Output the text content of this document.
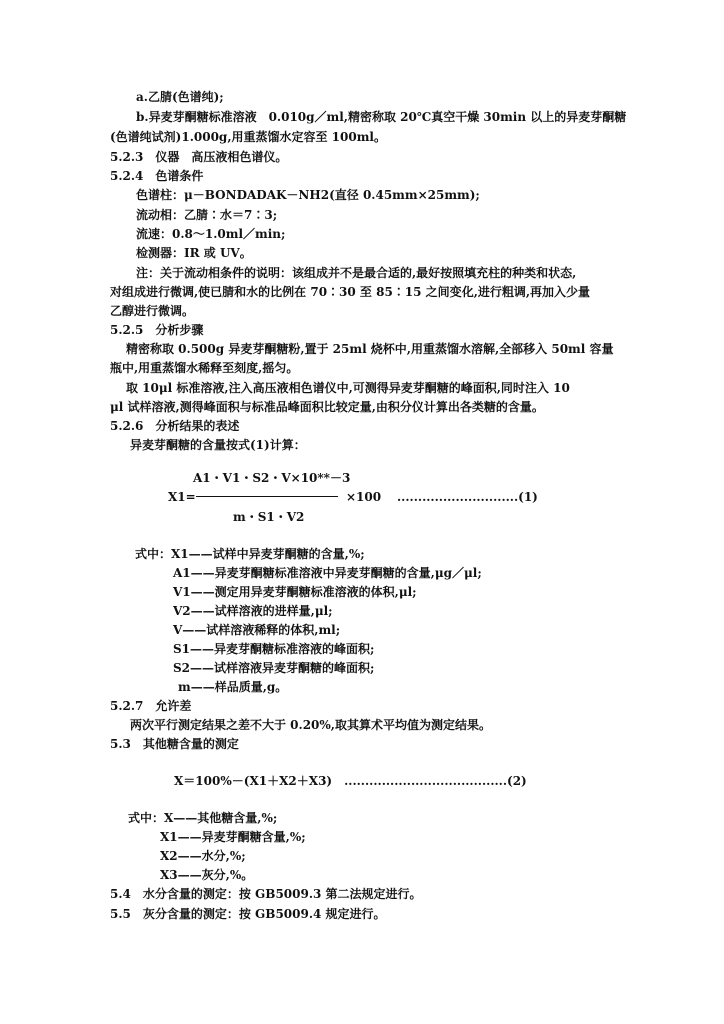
a.乙腈(色谱纯);
b.异麦芽酮糖标准溶液　0.010g／ml,精密称取 20℃真空干燥 30min 以上的异麦芽酮糖
(色谱纯试剂)1.000g,用重蒸馏水定容至 100ml。
5.2.3　仪器　高压液相色谱仪。
5.2.4　色谱条件
色谱柱：μ－BONDADAK－NH2(直径 0.45mm×25mm);
流动相：乙腈∶水＝7∶3;
流速：0.8～1.0ml／min;
检测器：IR 或 UV。
注：关于流动相条件的说明：该组成并不是最合适的,最好按照填充柱的种类和状态,
对组成进行微调,使已腈和水的比例在 70∶30 至 85∶15 之间变化,进行粗调,再加入少量
乙醇进行微调。
5.2.5　分析步骤
精密称取 0.500g 异麦芽酮糖粉,置于 25ml 烧杯中,用重蒸馏水溶解,全部移入 50ml 容量
瓶中,用重蒸馏水稀释至刻度,摇匀。
取 10μl 标准溶液,注入高压液相色谱仪中,可测得异麦芽酮糖的峰面积,同时注入 10
μl 试样溶液,测得峰面积与标准品峰面积比较定量,由积分仪计算出各类糖的含量。
5.2.6　分析结果的表述
异麦芽酮糖的含量按式(1)计算：
A1・V1・S2・V×10**－3
X1=	×100 .............................(1)
m・S1・V2
式中：X1——试样中异麦芽酮糖的含量,%;
A1——异麦芽酮糖标准溶液中异麦芽酮糖的含量,μg／μl;
V1——测定用异麦芽酮糖标准溶液的体积,μl;
V2——试样溶液的进样量,μl;
V——试样溶液稀释的体积,ml;
S1——异麦芽酮糖标准溶液的峰面积;
S2——试样溶液异麦芽酮糖的峰面积;
m——样品质量,g。
5.2.7　允许差
两次平行测定结果之差不大于 0.20%,取其算术平均值为测定结果。
5.3　其他糖含量的测定
X＝100%－(X1＋X2＋X3)　.......................................(2)
式中：X——其他糖含量,%;
X1——异麦芽酮糖含量,%;
X2——水分,%;
X3——灰分,%。
5.4　水分含量的测定：按 GB5009.3 第二法规定进行。
5.5　灰分含量的测定：按 GB5009.4 规定进行。
